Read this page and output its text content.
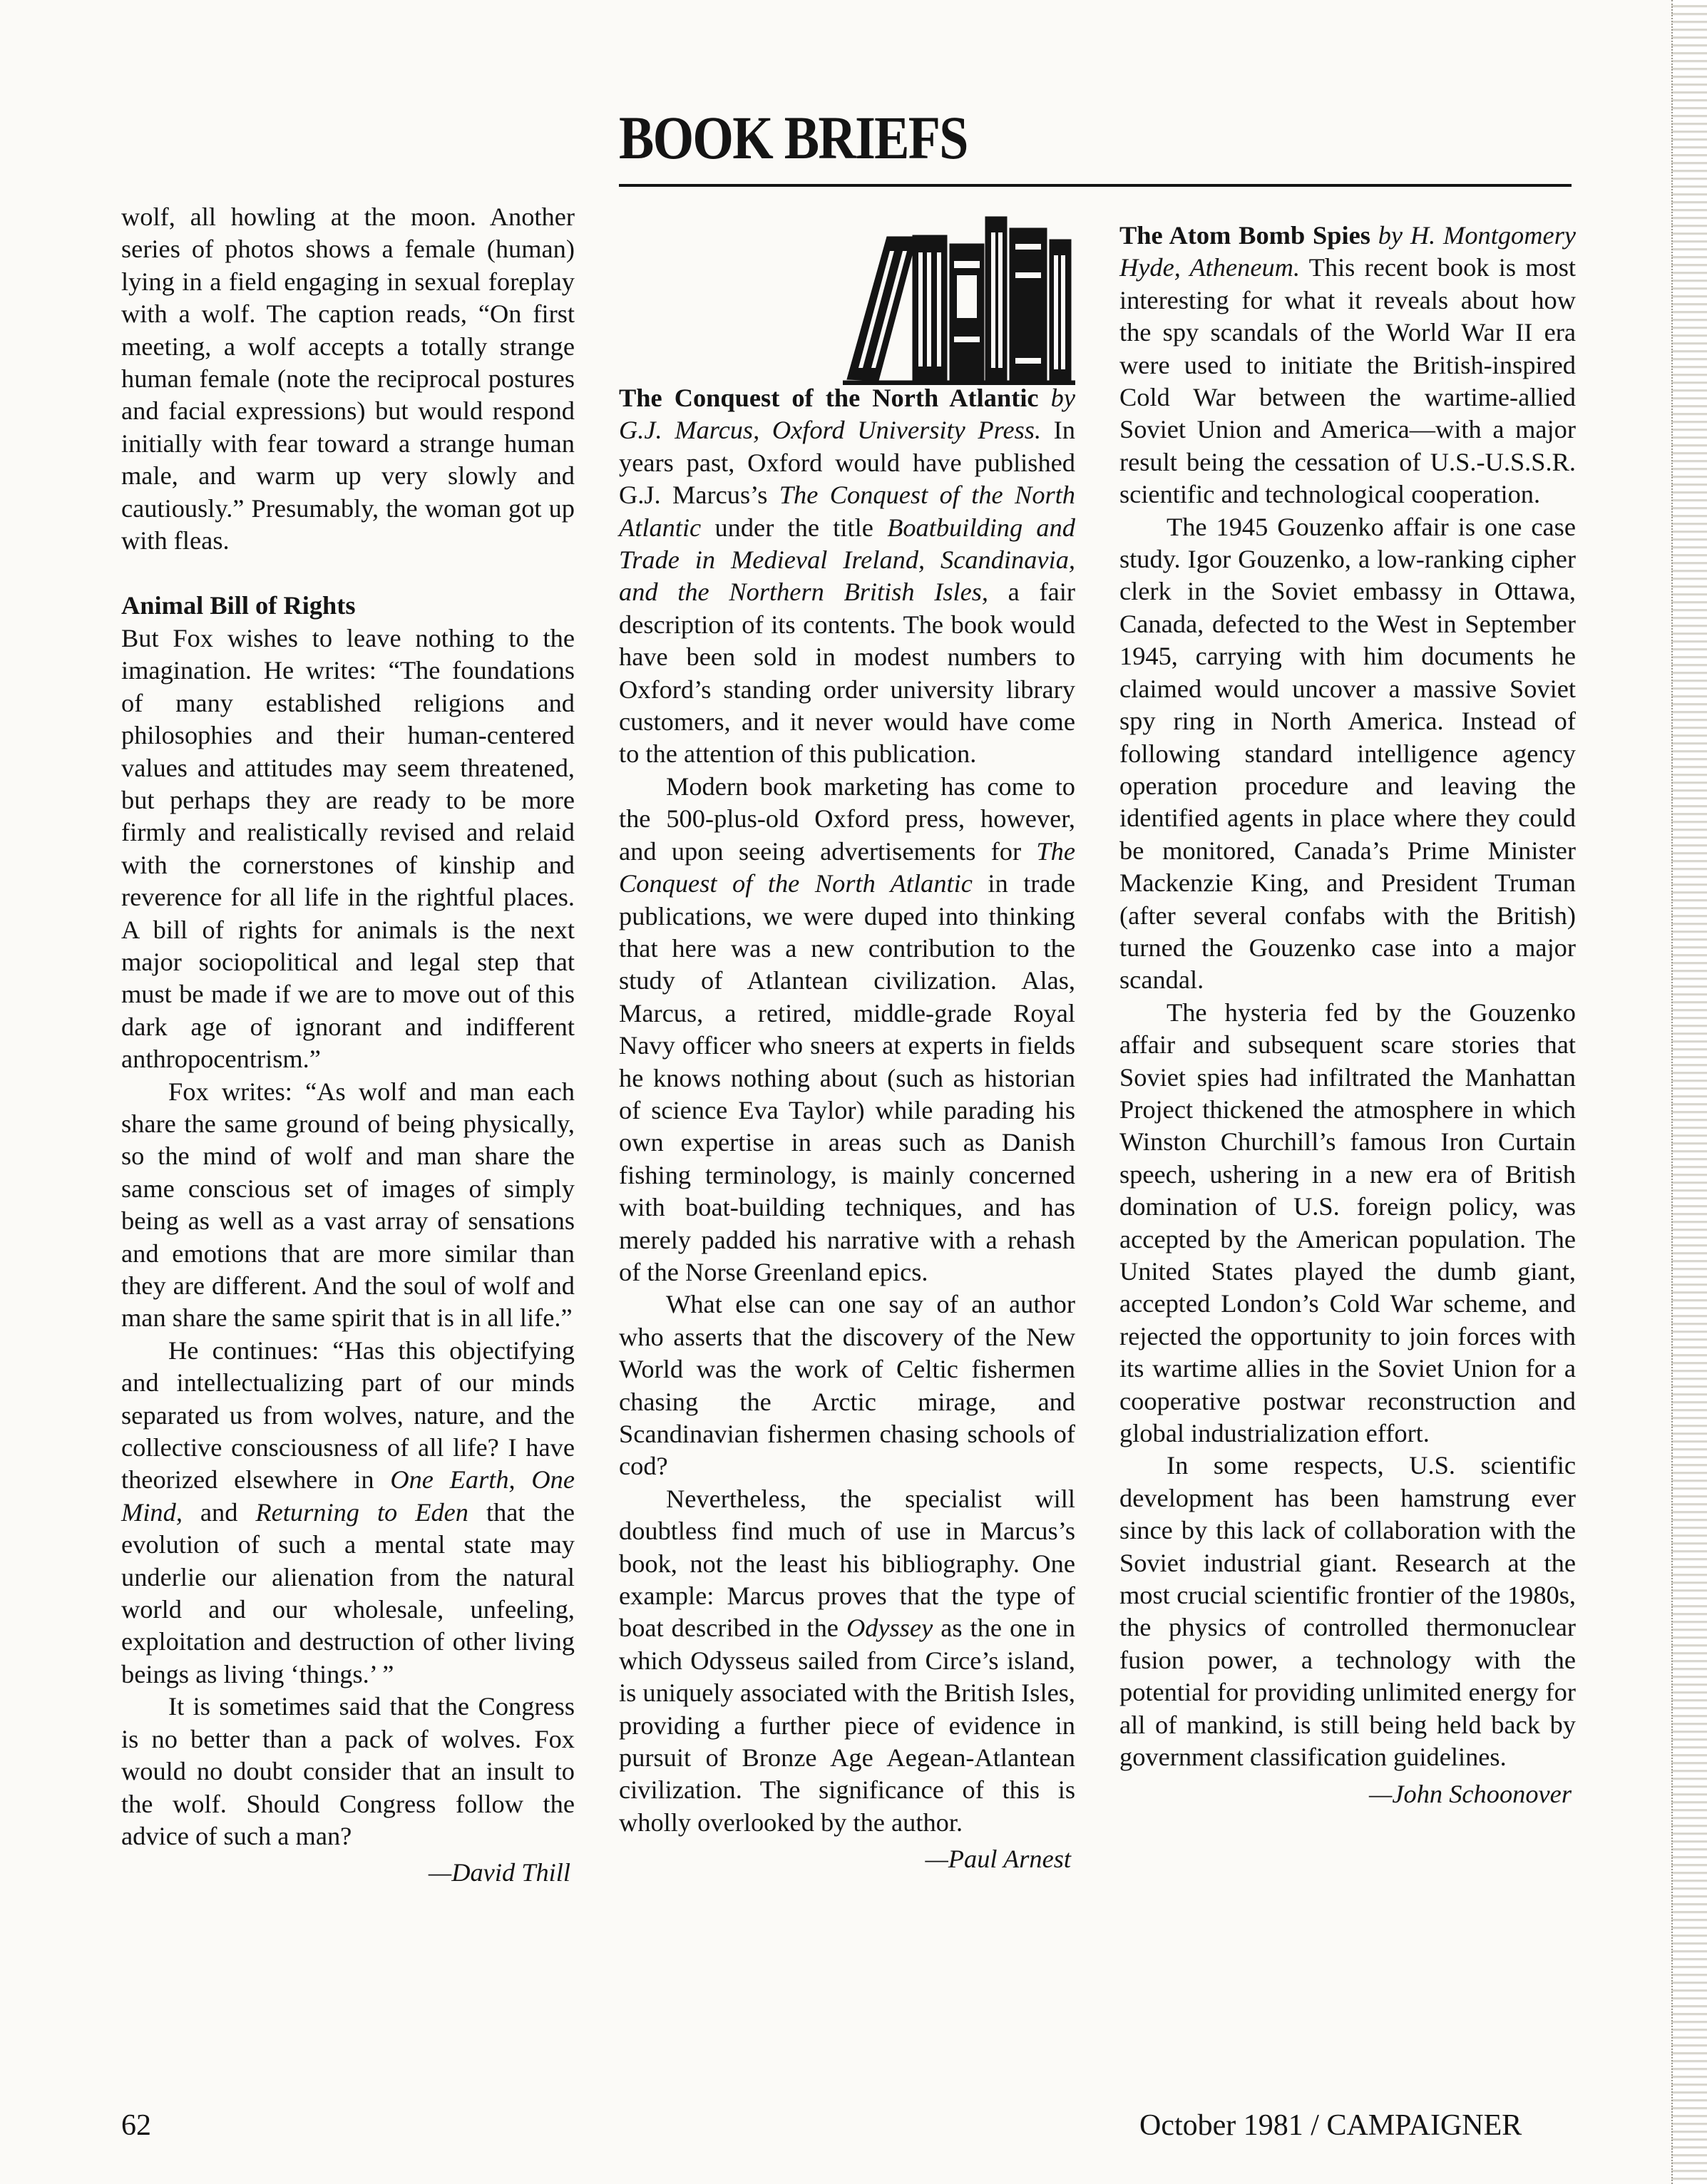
BOOK BRIEFS

wolf, all howling at the moon. Another series of photos shows a female (human) lying in a field engaging in sexual foreplay with a wolf. The caption reads, “On first meeting, a wolf accepts a totally strange human female (note the reciprocal postures and facial expressions) but would respond initially with fear toward a strange human male, and warm up very slowly and cautiously.” Presumably, the woman got up with fleas.

Animal Bill of Rights

But Fox wishes to leave nothing to the imagination. He writes: “The foundations of many established religions and philosophies and their human-centered values and attitudes may seem threatened, but perhaps they are ready to be more firmly and realistically revised and relaid with the cornerstones of kinship and reverence for all life in the rightful places. A bill of rights for animals is the next major sociopolitical and legal step that must be made if we are to move out of this dark age of ignorant and indifferent anthropocentrism.”

Fox writes: “As wolf and man each share the same ground of being physically, so the mind of wolf and man share the same conscious set of images of simply being as well as a vast array of sensations and emotions that are more similar than they are different. And the soul of wolf and man share the same spirit that is in all life.”

He continues: “Has this objectifying and intellectualizing part of our minds separated us from wolves, nature, and the collective consciousness of all life? I have theorized elsewhere in One Earth, One Mind, and Returning to Eden that the evolution of such a mental state may underlie our alienation from the natural world and our wholesale, unfeeling, exploitation and destruction of other living beings as living ‘things.’ ”

It is sometimes said that the Congress is no better than a pack of wolves. Fox would no doubt consider that an insult to the wolf. Should Congress follow the advice of such a man?

—David Thill

The Conquest of the North Atlantic by G.J. Marcus, Oxford University Press. In years past, Oxford would have published G.J. Marcus’s The Conquest of the North Atlantic under the title Boatbuilding and Trade in Medieval Ireland, Scandinavia, and the Northern British Isles, a fair description of its contents. The book would have been sold in modest numbers to Oxford’s standing order university library customers, and it never would have come to the attention of this publication.

Modern book marketing has come to the 500-plus-old Oxford press, however, and upon seeing advertisements for The Conquest of the North Atlantic in trade publications, we were duped into thinking that here was a new contribution to the study of Atlantean civilization. Alas, Marcus, a retired, middle-grade Royal Navy officer who sneers at experts in fields he knows nothing about (such as historian of science Eva Taylor) while parading his own expertise in areas such as Danish fishing terminology, is mainly concerned with boat-building techniques, and has merely padded his narrative with a rehash of the Norse Greenland epics.

What else can one say of an author who asserts that the discovery of the New World was the work of Celtic fishermen chasing the Arctic mirage, and Scandinavian fishermen chasing schools of cod?

Nevertheless, the specialist will doubtless find much of use in Marcus’s book, not the least his bibliography. One example: Marcus proves that the type of boat described in the Odyssey as the one in which Odysseus sailed from Circe’s island, is uniquely associated with the British Isles, providing a further piece of evidence in pursuit of Bronze Age Aegean-Atlantean civilization. The significance of this is wholly overlooked by the author.

—Paul Arnest

The Atom Bomb Spies by H. Montgomery Hyde, Atheneum. This recent book is most interesting for what it reveals about how the spy scandals of the World War II era were used to initiate the British-inspired Cold War between the wartime-allied Soviet Union and America—with a major result being the cessation of U.S.-U.S.S.R. scientific and technological cooperation.

The 1945 Gouzenko affair is one case study. Igor Gouzenko, a low-ranking cipher clerk in the Soviet embassy in Ottawa, Canada, defected to the West in September 1945, carrying with him documents he claimed would uncover a massive Soviet spy ring in North America. Instead of following standard intelligence agency operation procedure and leaving the identified agents in place where they could be monitored, Canada’s Prime Minister Mackenzie King, and President Truman (after several confabs with the British) turned the Gouzenko case into a major scandal.

The hysteria fed by the Gouzenko affair and subsequent scare stories that Soviet spies had infiltrated the Manhattan Project thickened the atmosphere in which Winston Churchill’s famous Iron Curtain speech, ushering in a new era of British domination of U.S. foreign policy, was accepted by the American population. The United States played the dumb giant, accepted London’s Cold War scheme, and rejected the opportunity to join forces with its wartime allies in the Soviet Union for a cooperative postwar reconstruction and global industrialization effort.

In some respects, U.S. scientific development has been hamstrung ever since by this lack of collaboration with the Soviet industrial giant. Research at the most crucial scientific frontier of the 1980s, the physics of controlled thermonuclear fusion power, a technology with the potential for providing unlimited energy for all of mankind, is still being held back by government classification guidelines.

—John Schoonover

62	October 1981 / CAMPAIGNER
